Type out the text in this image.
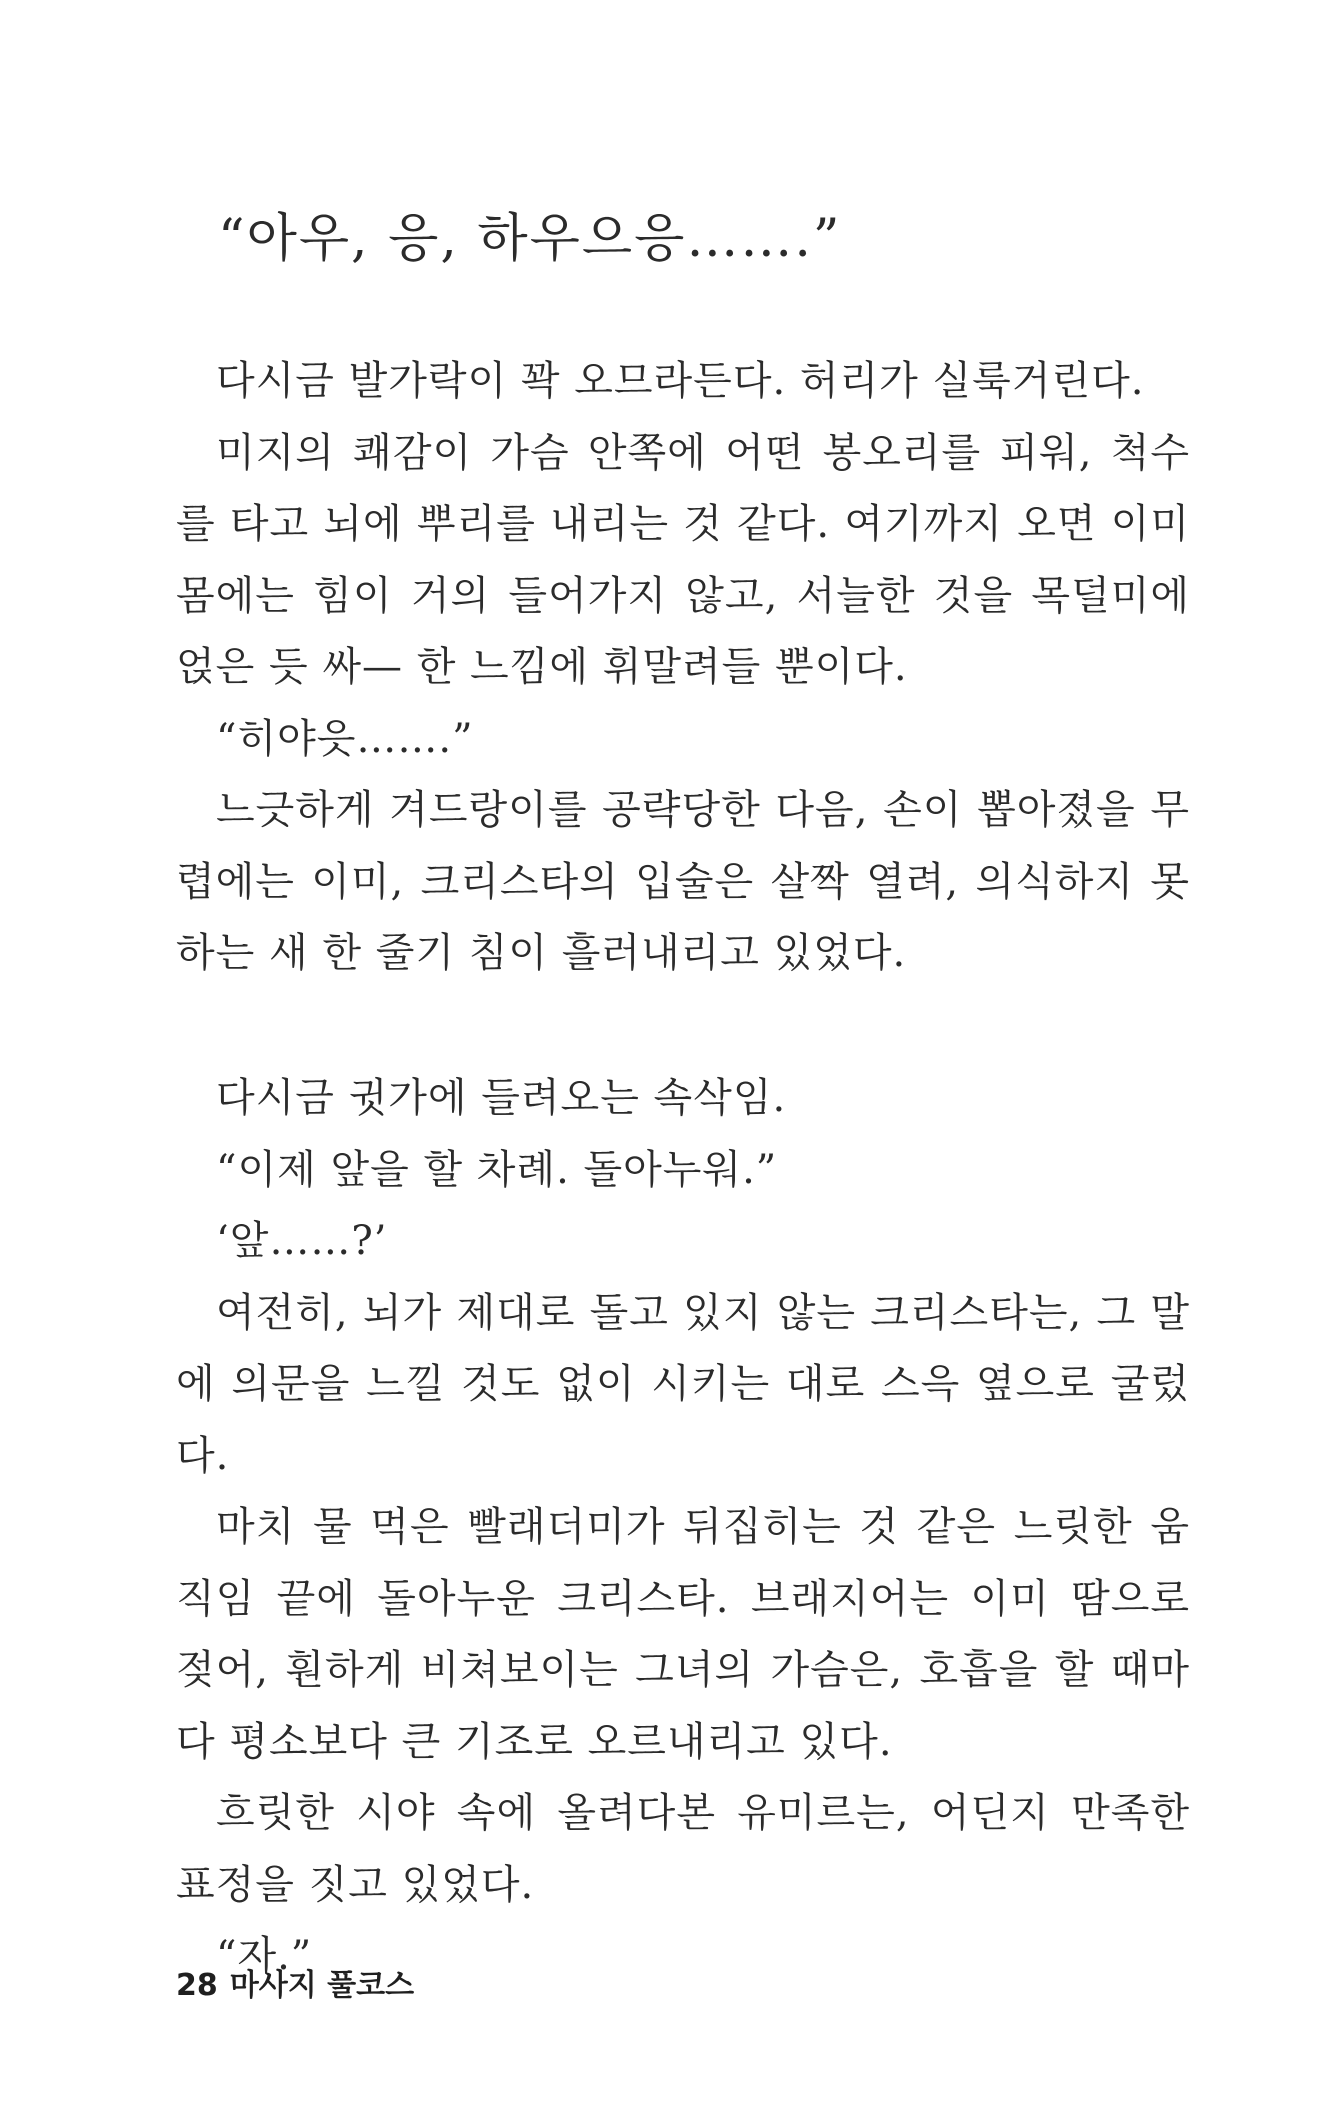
“아우, 응, 하우으응…….”

다시금 발가락이 꽉 오므라든다. 허리가 실룩거린다.

미지의 쾌감이 가슴 안쪽에 어떤 봉오리를 피워, 척수를 타고 뇌에 뿌리를 내리는 것 같다. 여기까지 오면 이미 몸에는 힘이 거의 들어가지 않고, 서늘한 것을 목덜미에 얹은 듯 싸— 한 느낌에 휘말려들 뿐이다.

“히야읏…….”

느긋하게 겨드랑이를 공략당한 다음, 손이 뽑아졌을 무렵에는 이미, 크리스타의 입술은 살짝 열려, 의식하지 못하는 새 한 줄기 침이 흘러내리고 있었다.

다시금 귓가에 들려오는 속삭임.

“이제 앞을 할 차례. 돌아누워.”

‘앞……?’

여전히, 뇌가 제대로 돌고 있지 않는 크리스타는, 그 말에 의문을 느낄 것도 없이 시키는 대로 스윽 옆으로 굴렀다.

마치 물 먹은 빨래더미가 뒤집히는 것 같은 느릿한 움직임 끝에 돌아누운 크리스타. 브래지어는 이미 땀으로 젖어, 훤하게 비쳐보이는 그녀의 가슴은, 호흡을 할 때마다 평소보다 큰 기조로 오르내리고 있다.

흐릿한 시야 속에 올려다본 유미르는, 어딘지 만족한 표정을 짓고 있었다.

“자.”

28 마사지 풀코스
